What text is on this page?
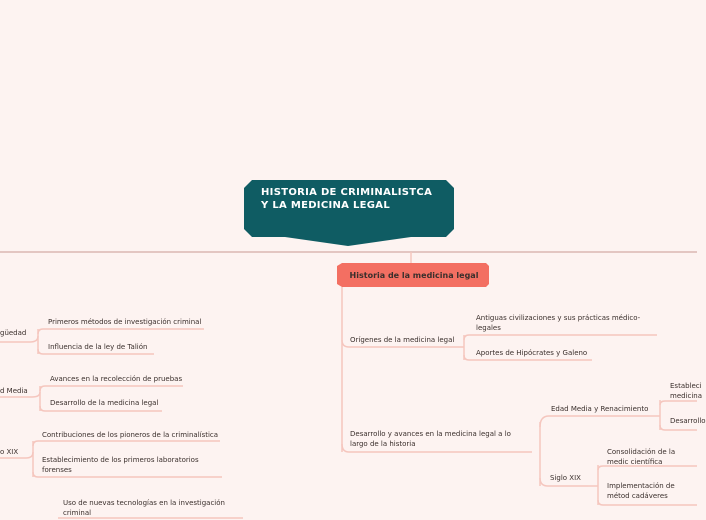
HISTORIA DE CRIMINALISTCA Y LA MEDICINA LEGAL
Historia de la medicina legal
Orígenes de la medicina legal
Antiguas civilizaciones y sus prácticas médico-legales
Aportes de Hipócrates y Galeno
Desarrollo y avances en la medicina legal a lo largo de la historia
Edad Media y Renacimiento
Estableci medicina
Desarrollo
Siglo XIX
Consolidación de la medic científica
Implementación de métod cadáveres
güedad
Primeros métodos de investigación criminal
Influencia de la ley de Talión
d Media
Avances en la recolección de pruebas
Desarrollo de la medicina legal
o XIX
Contribuciones de los pioneros de la criminalística
Establecimiento de los primeros laboratorios forenses
Uso de nuevas tecnologías en la investigación criminal
